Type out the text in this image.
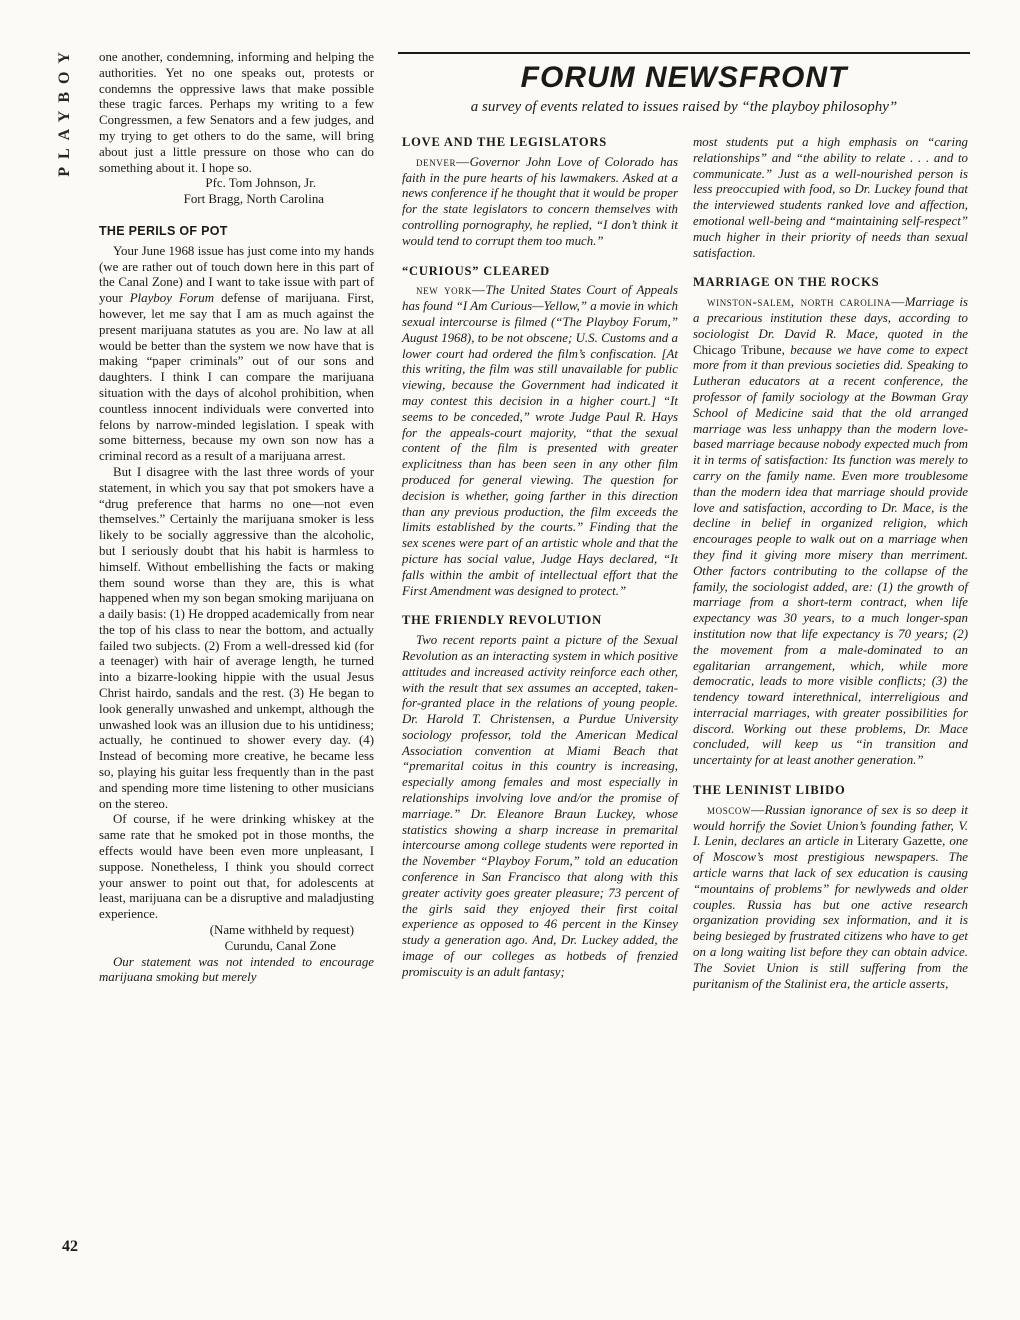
PLAYBOY
42

one another, condemning, informing and helping the authorities. Yet no one speaks out, protests or condemns the oppressive laws that make possible these tragic farces. Perhaps my writing to a few Congressmen, a few Senators and a few judges, and my trying to get others to do the same, will bring about just a little pressure on those who can do something about it. I hope so.

Pfc. Tom Johnson, Jr.

Fort Bragg, North Carolina

THE PERILS OF POT

Your June 1968 issue has just come into my hands (we are rather out of touch down here in this part of the Canal Zone) and I want to take issue with part of your Playboy Forum defense of marijuana. First, however, let me say that I am as much against the present marijuana statutes as you are. No law at all would be better than the system we now have that is making “paper criminals” out of our sons and daughters. I think I can compare the marijuana situation with the days of alcohol prohibition, when countless innocent individuals were converted into felons by narrow-minded legislation. I speak with some bitterness, because my own son now has a criminal record as a result of a marijuana arrest.

But I disagree with the last three words of your statement, in which you say that pot smokers have a “drug preference that harms no one—not even themselves.” Certainly the marijuana smoker is less likely to be socially aggressive than the alcoholic, but I seriously doubt that his habit is harmless to himself. Without embellishing the facts or making them sound worse than they are, this is what happened when my son began smoking marijuana on a daily basis: (1) He dropped academically from near the top of his class to near the bottom, and actually failed two subjects. (2) From a well-dressed kid (for a teenager) with hair of average length, he turned into a bizarre-looking hippie with the usual Jesus Christ hairdo, sandals and the rest. (3) He began to look generally unwashed and unkempt, although the unwashed look was an illusion due to his untidiness; actually, he continued to shower every day. (4) Instead of becoming more creative, he became less so, playing his guitar less frequently than in the past and spending more time listening to other musicians on the stereo.

Of course, if he were drinking whiskey at the same rate that he smoked pot in those months, the effects would have been even more unpleasant, I suppose. Nonetheless, I think you should correct your answer to point out that, for adolescents at least, marijuana can be a disruptive and maladjusting experience.

(Name withheld by request)

Curundu, Canal Zone

Our statement was not intended to encourage marijuana smoking but merely

FORUM NEWSFRONT
a survey of events related to issues raised by “the playboy philosophy”
LOVE AND THE LEGISLATORS

denver—Governor John Love of Colorado has faith in the pure hearts of his lawmakers. Asked at a news conference if he thought that it would be proper for the state legislators to concern themselves with controlling pornography, he replied, “I don’t think it would tend to corrupt them too much.”

“CURIOUS” CLEARED

new york—The United States Court of Appeals has found “I Am Curious—Yellow,” a movie in which sexual intercourse is filmed (“The Playboy Forum,” August 1968), to be not obscene; U.S. Customs and a lower court had ordered the film’s confiscation. [At this writing, the film was still unavailable for public viewing, because the Government had indicated it may contest this decision in a higher court.] “It seems to be conceded,” wrote Judge Paul R. Hays for the appeals-court majority, “that the sexual content of the film is presented with greater explicitness than has been seen in any other film produced for general viewing. The question for decision is whether, going farther in this direction than any previous production, the film exceeds the limits established by the courts.” Finding that the sex scenes were part of an artistic whole and that the picture has social value, Judge Hays declared, “It falls within the ambit of intellectual effort that the First Amendment was designed to protect.”

THE FRIENDLY REVOLUTION

Two recent reports paint a picture of the Sexual Revolution as an interacting system in which positive attitudes and increased activity reinforce each other, with the result that sex assumes an accepted, taken-for-granted place in the relations of young people. Dr. Harold T. Christensen, a Purdue University sociology professor, told the American Medical Association convention at Miami Beach that “premarital coitus in this country is increasing, especially among females and most especially in relationships involving love and/or the promise of marriage.” Dr. Eleanore Braun Luckey, whose statistics showing a sharp increase in premarital intercourse among college students were reported in the November “Playboy Forum,” told an education conference in San Francisco that along with this greater activity goes greater pleasure; 73 percent of the girls said they enjoyed their first coital experience as opposed to 46 percent in the Kinsey study a generation ago. And, Dr. Luckey added, the image of our colleges as hotbeds of frenzied promiscuity is an adult fantasy;

most students put a high emphasis on “caring relationships” and “the ability to relate . . . and to communicate.” Just as a well-nourished person is less preoccupied with food, so Dr. Luckey found that the interviewed students ranked love and affection, emotional well-being and “maintaining self-respect” much higher in their priority of needs than sexual satisfaction.

MARRIAGE ON THE ROCKS

winston-salem, north carolina—Marriage is a precarious institution these days, according to sociologist Dr. David R. Mace, quoted in the Chicago Tribune, because we have come to expect more from it than previous societies did. Speaking to Lutheran educators at a recent conference, the professor of family sociology at the Bowman Gray School of Medicine said that the old arranged marriage was less unhappy than the modern love-based marriage because nobody expected much from it in terms of satisfaction: Its function was merely to carry on the family name. Even more troublesome than the modern idea that marriage should provide love and satisfaction, according to Dr. Mace, is the decline in belief in organized religion, which encourages people to walk out on a marriage when they find it giving more misery than merriment. Other factors contributing to the collapse of the family, the sociologist added, are: (1) the growth of marriage from a short-term contract, when life expectancy was 30 years, to a much longer-span institution now that life expectancy is 70 years; (2) the movement from a male-dominated to an egalitarian arrangement, which, while more democratic, leads to more visible conflicts; (3) the tendency toward interethnical, interreligious and interracial marriages, with greater possibilities for discord. Working out these problems, Dr. Mace concluded, will keep us “in transition and uncertainty for at least another generation.”

THE LENINIST LIBIDO

moscow—Russian ignorance of sex is so deep it would horrify the Soviet Union’s founding father, V. I. Lenin, declares an article in Literary Gazette, one of Moscow’s most prestigious newspapers. The article warns that lack of sex education is causing “mountains of problems” for newlyweds and older couples. Russia has but one active research organization providing sex information, and it is being besieged by frustrated citizens who have to get on a long waiting list before they can obtain advice. The Soviet Union is still suffering from the puritanism of the Stalinist era, the article asserts,
